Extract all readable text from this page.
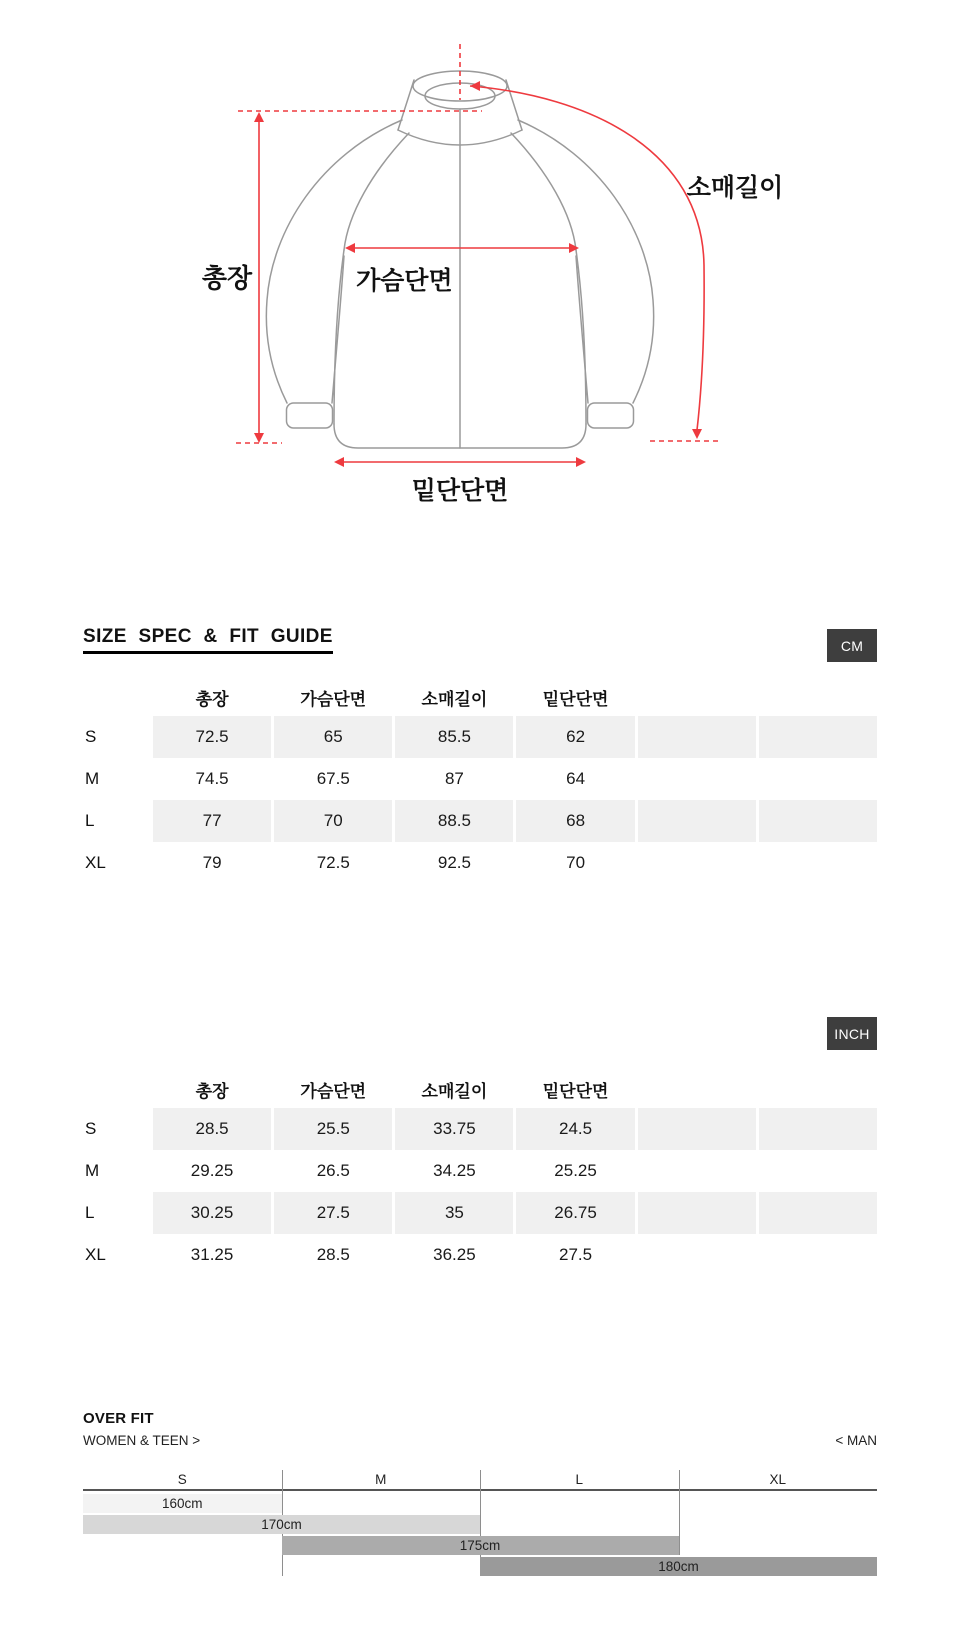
총장	가슴단면
소매길이
밑단단면
SIZE SPEC & FIT GUIDE	CM
INCH
총장	가슴단면	소매길이	밑단단면
S	72.5	65	85.5	62
M	74.5	67.5	87	64
L	77	70	88.5	68
XL	79	72.5	92.5	70
총장	가슴단면	소매길이	밑단단면
S	28.5	25.5	33.75	24.5
M	29.25	26.5	34.25	25.25
L	30.25	27.5	35	26.75
XL	31.25	28.5	36.25	27.5
OVER FIT
WOMEN & TEEN >	< MAN
S	M	L	XL
160cm
170cm
175cm
180cm
